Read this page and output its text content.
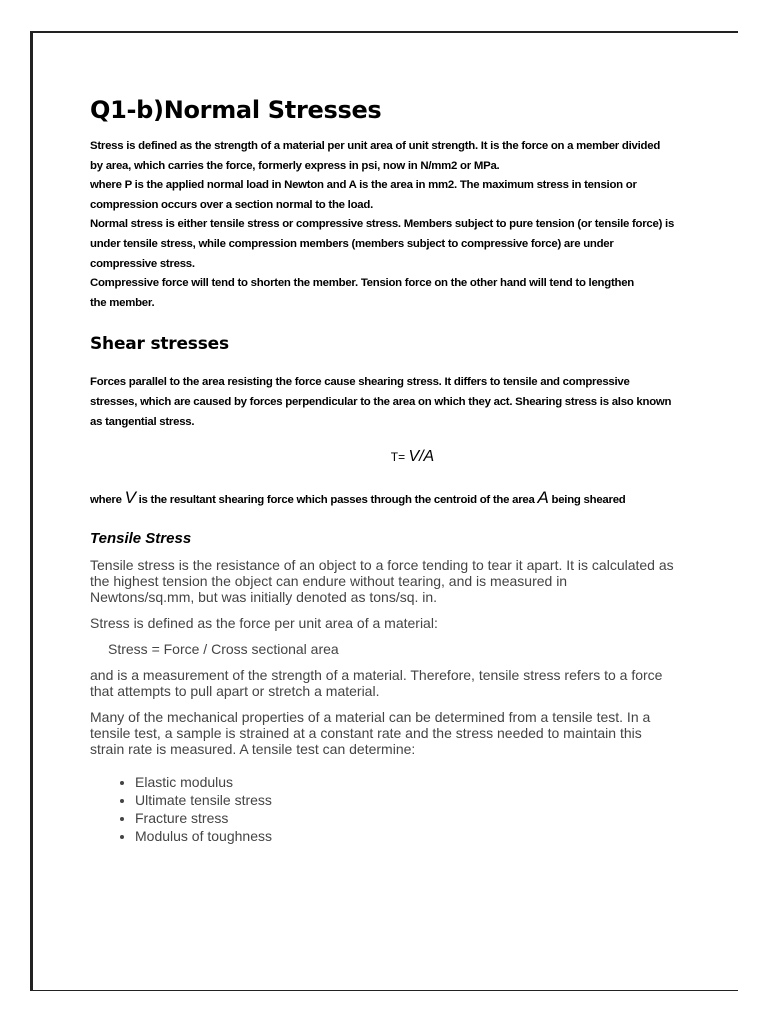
Q1-b)Normal Stresses

Stress is defined as the strength of a material per unit area of unit strength. It is the force on a member divided by area, which carries the force, formerly express in psi, now in N/mm2 or MPa.

where P is the applied normal load in Newton and A is the area in mm2. The maximum stress in tension or

compression occurs over a section normal to the load.

Normal stress is either tensile stress or compressive stress. Members subject to pure tension (or tensile force) is under tensile stress, while compression members (members subject to compressive force) are under compressive stress.

Compressive force will tend to shorten the member. Tension force on the other hand will tend to lengthen

the member.

Shear stresses

Forces parallel to the area resisting the force cause shearing stress. It differs to tensile and compressive stresses, which are caused by forces perpendicular to the area on which they act. Shearing stress is also known as tangential stress.

T= V/A

where V is the resultant shearing force which passes through the centroid of the area A being sheared

Tensile Stress

Tensile stress is the resistance of an object to a force tending to tear it apart. It is calculated as the highest tension the object can endure without tearing, and is measured in Newtons/sq.mm, but was initially denoted as tons/sq. in.

Stress is defined as the force per unit area of a material:

Stress = Force / Cross sectional area

and is a measurement of the strength of a material. Therefore, tensile stress refers to a force that attempts to pull apart or stretch a material.

Many of the mechanical properties of a material can be determined from a tensile test. In a tensile test, a sample is strained at a constant rate and the stress needed to maintain this strain rate is measured. A tensile test can determine:

• Elastic modulus
• Ultimate tensile stress
• Fracture stress
• Modulus of toughness
